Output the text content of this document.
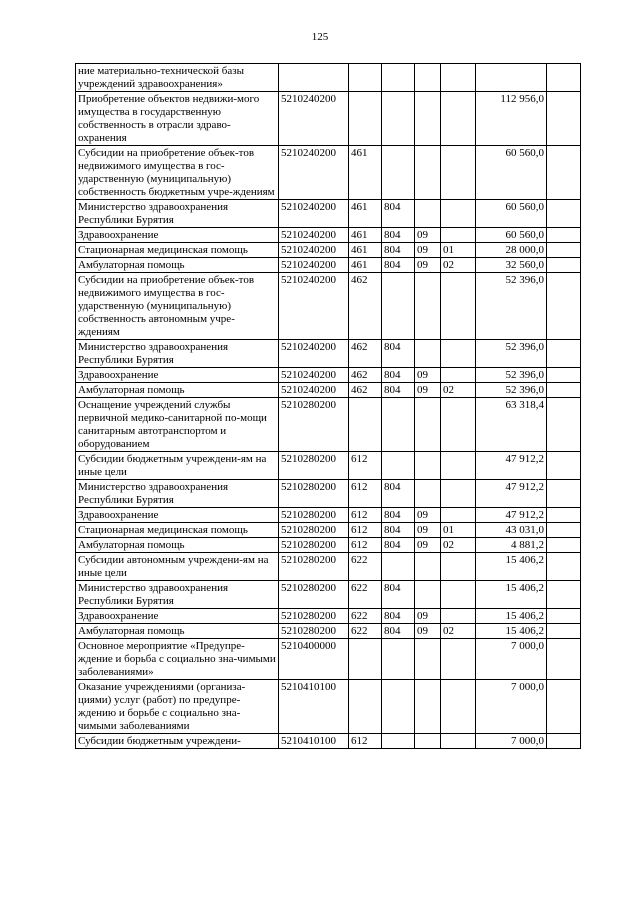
125
ние материально-технической базы учреждений здравоохранения»							
Приобретение объектов недвижи-мого имущества в государственную собственность в отрасли здраво-охранения	5210240200					112 956,0	
Субсидии на приобретение объек-тов недвижимого имущества в гос-ударственную (муниципальную) собственность бюджетным учре-ждениям	5210240200	461				60 560,0	
Министерство здравоохранения Республики Бурятия	5210240200	461	804			60 560,0	
Здравоохранение	5210240200	461	804	09		60 560,0	
Стационарная медицинская помощь	5210240200	461	804	09	01	28 000,0	
Амбулаторная помощь	5210240200	461	804	09	02	32 560,0	
Субсидии на приобретение объек-тов недвижимого имущества в гос-ударственную (муниципальную) собственность автономным учре-ждениям	5210240200	462				52 396,0	
Министерство здравоохранения Республики Бурятия	5210240200	462	804			52 396,0	
Здравоохранение	5210240200	462	804	09		52 396,0	
Амбулаторная помощь	5210240200	462	804	09	02	52 396,0	
Оснащение учреждений службы первичной медико-санитарной по-мощи санитарным автотранспортом и оборудованием	5210280200					63 318,4	
Субсидии бюджетным учреждени-ям на иные цели	5210280200	612				47 912,2	
Министерство здравоохранения Республики Бурятия	5210280200	612	804			47 912,2	
Здравоохранение	5210280200	612	804	09		47 912,2	
Стационарная медицинская помощь	5210280200	612	804	09	01	43 031,0	
Амбулаторная помощь	5210280200	612	804	09	02	4 881,2	
Субсидии автономным учреждени-ям на иные цели	5210280200	622				15 406,2	
Министерство здравоохранения Республики Бурятия	5210280200	622	804			15 406,2	
Здравоохранение	5210280200	622	804	09		15 406,2	
Амбулаторная помощь	5210280200	622	804	09	02	15 406,2	
Основное мероприятие «Предупре-ждение и борьба с социально зна-чимыми заболеваниями»	5210400000					7 000,0	
Оказание учреждениями (организа-циями) услуг (работ) по предупре-ждению и борьбе с социально зна-чимыми заболеваниями	5210410100					7 000,0	
Субсидии бюджетным учреждени-	5210410100	612				7 000,0	
